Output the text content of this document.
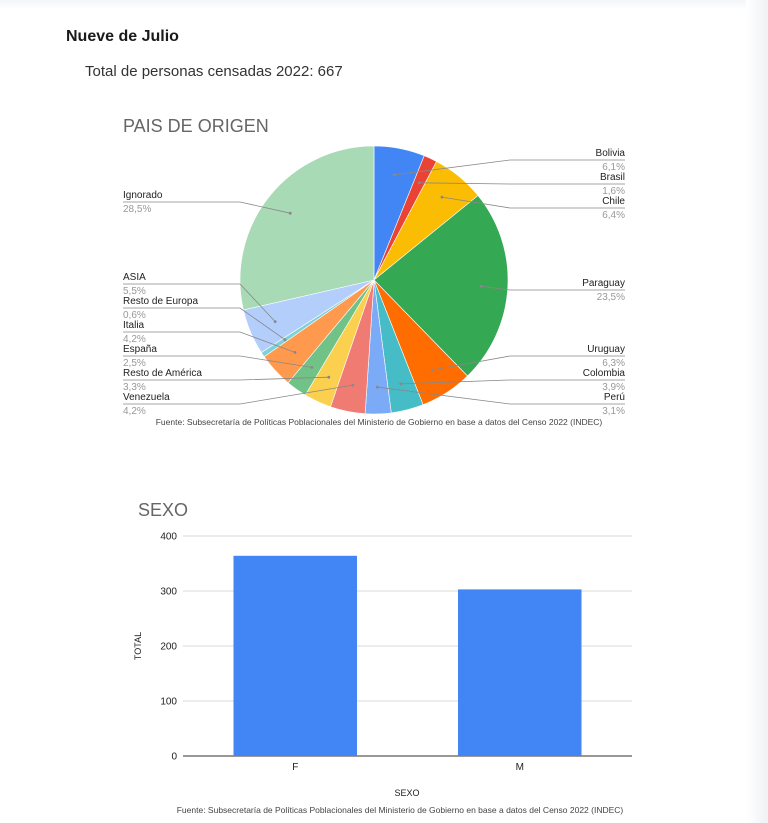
Nueve de Julio
Total de personas censadas 2022: 667
PAIS DE ORIGEN
Bolivia
6,1%
Brasil
1,6%
Chile
6,4%
Paraguay
23,5%
Uruguay
6,3%
Colombia
3,9%
Perú
3,1%
Venezuela
4,2%
Resto de América
3,3%
España
2,5%
Italia
4,2%
Resto de Europa
0,6%
ASIA
5,5%
Ignorado
28,5%
Fuente: Subsecretaría de Políticas Poblacionales del Ministerio de Gobierno en base a datos del Censo 2022 (INDEC)
SEXO
0
100
200
300
400
F	M
TOTAL
SEXO
Fuente: Subsecretaría de Políticas Poblacionales del Ministerio de Gobierno en base a datos del Censo 2022 (INDEC)
